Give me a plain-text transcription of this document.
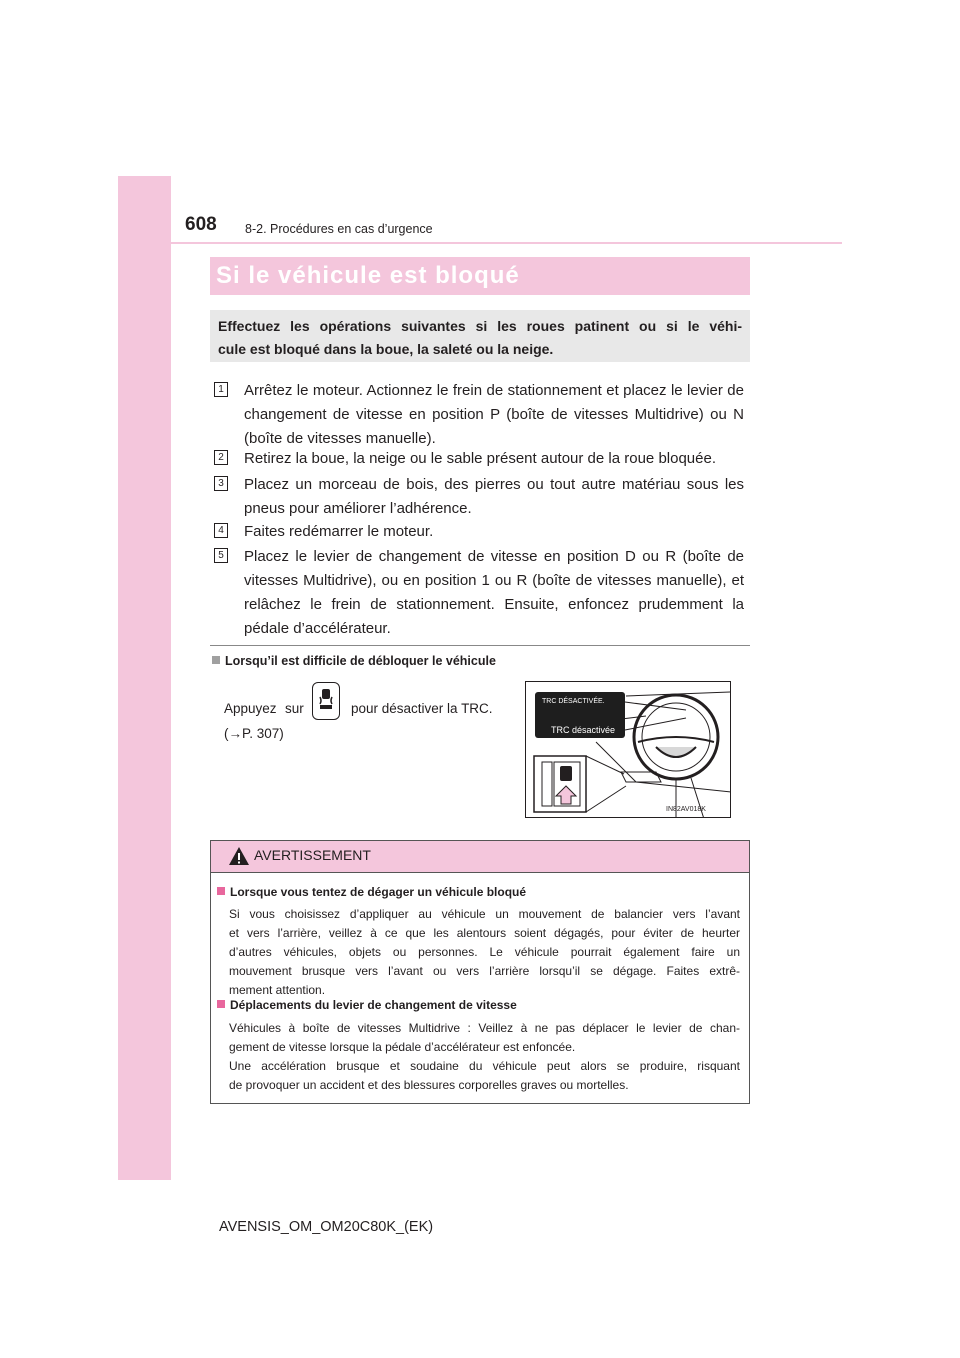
608 8-2. Procédures en cas d’urgence
Si le véhicule est bloqué
Effectuez les opérations suivantes si les roues patinent ou si le véhi-
cule est bloqué dans la boue, la saleté ou la neige.
1 Arrêtez le moteur. Actionnez le frein de stationnement et placez le levier de
changement de vitesse en position P (boîte de vitesses Multidrive) ou N
(boîte de vitesses manuelle).
2 Retirez la boue, la neige ou le sable présent autour de la roue bloquée.
3 Placez un morceau de bois, des pierres ou tout autre matériau sous les
pneus pour améliorer l’adhérence.
4 Faites redémarrer le moteur.
5 Placez le levier de changement de vitesse en position D ou R (boîte de
vitesses Multidrive), ou en position 1 ou R (boîte de vitesses manuelle), et
relâchez le frein de stationnement. Ensuite, enfoncez prudemment la
pédale d’accélérateur.
Lorsqu’il est difficile de débloquer le véhicule
Appuyez sur	pour désactiver la TRC.
(→P. 307)
TRC DÉSACTIVÉE.
TRC désactivée
IN82AV018K
AVERTISSEMENT
Lorsque vous tentez de dégager un véhicule bloqué
Si vous choisissez d’appliquer au véhicule un mouvement de balancier vers l’avant
et vers l’arrière, veillez à ce que les alentours soient dégagés, pour éviter de heurter
d’autres véhicules, objets ou personnes. Le véhicule pourrait également faire un
mouvement brusque vers l’avant ou vers l’arrière lorsqu’il se dégage. Faites extrê-
mement attention.
Déplacements du levier de changement de vitesse
Véhicules à boîte de vitesses Multidrive : Veillez à ne pas déplacer le levier de chan-
gement de vitesse lorsque la pédale d’accélérateur est enfoncée.
Une accélération brusque et soudaine du véhicule peut alors se produire, risquant
de provoquer un accident et des blessures corporelles graves ou mortelles.
AVENSIS_OM_OM20C80K_(EK)
